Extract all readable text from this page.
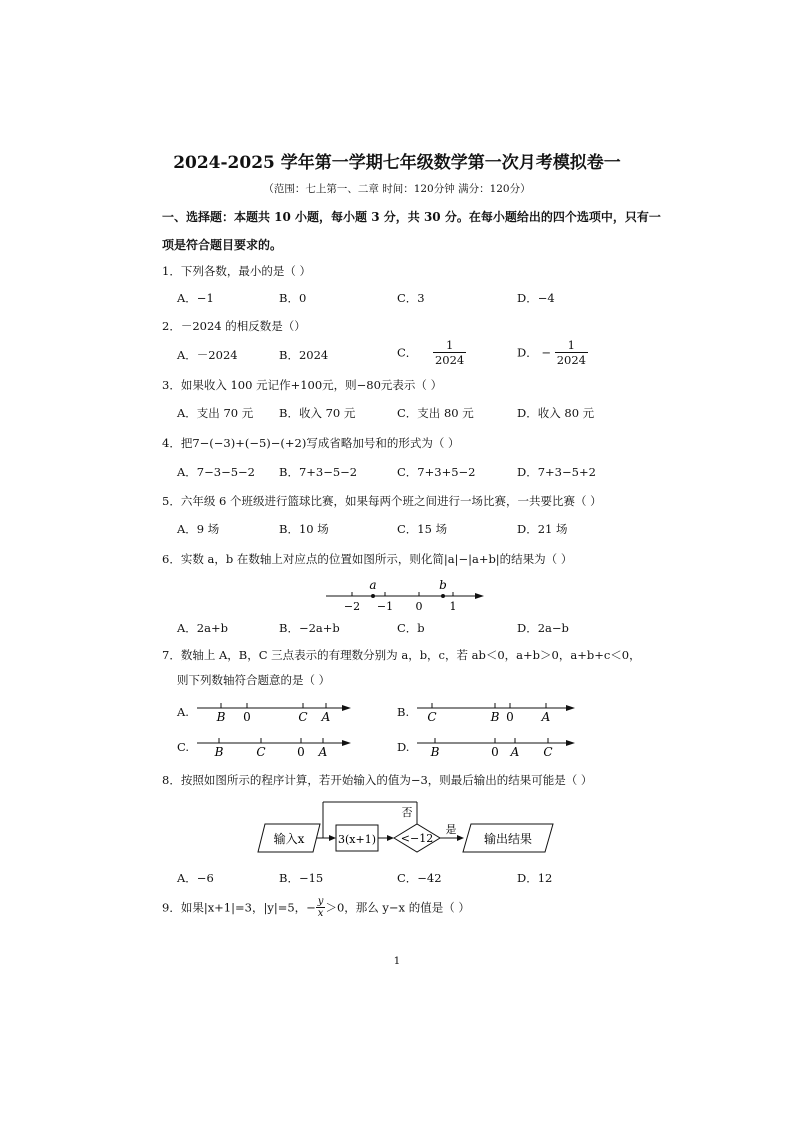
2024-2025 学年第一学期七年级数学第一次月考模拟卷一
（范围：七上第一、二章 时间：120分钟 满分：120分）
一、选择题：本题共 10 小题，每小题 3 分，共 30 分。在每小题给出的四个选项中，只有一
项是符合题目要求的。
1．下列各数，最小的是（ ）
A．−1	B．0	C．3	D．−4
2．－2024 的相反数是（）
A．－2024	B．2024	C． $\frac{1}{2024}$	D． − $\frac{1}{2024}$
3．如果收入 100 元记作+100元，则−80元表示（ ）
A．支出 70 元 B．收入 70 元	C．支出 80 元	D．收入 80 元
4．把7−(−3)+(−5)−(+2)写成省略加号和的形式为（ ）
A．7−3−5−2 B．7+3−5−2	C．7+3+5−2	D．7+3−5+2
5．六年级 6 个班级进行篮球比赛，如果每两个班之间进行一场比赛，一共要比赛（ ）
A．9 场	B．10 场	C．15 场	D．21 场
6．实数 a，b 在数轴上对应点的位置如图所示，则化简|a|−|a+b|的结果为（ ）
a	b
−2 −1 0 1
A．2a+b	B．−2a+b	C．b	D．2a−b
7．数轴上 A，B，C 三点表示的有理数分别为 a，b，c，若 ab＜0，a+b＞0，a+b+c＜0，
则下列数轴符合题意的是（ ）
A. B 0	C A	B. C	B 0 A
C. B	C	0 A	D. B	0 A C
8．按照如图所示的程序计算，若开始输入的值为−3，则最后输出的结果可能是（ ）
输入x	3(x+1) <−12
否
是
输出结果
A．−6	B．−15	C．−42	D．12
9．如果|x+1|=3，|y|=5，− $\frac{y}{x} >0$，那么 y−x 的值是（ ）
1
